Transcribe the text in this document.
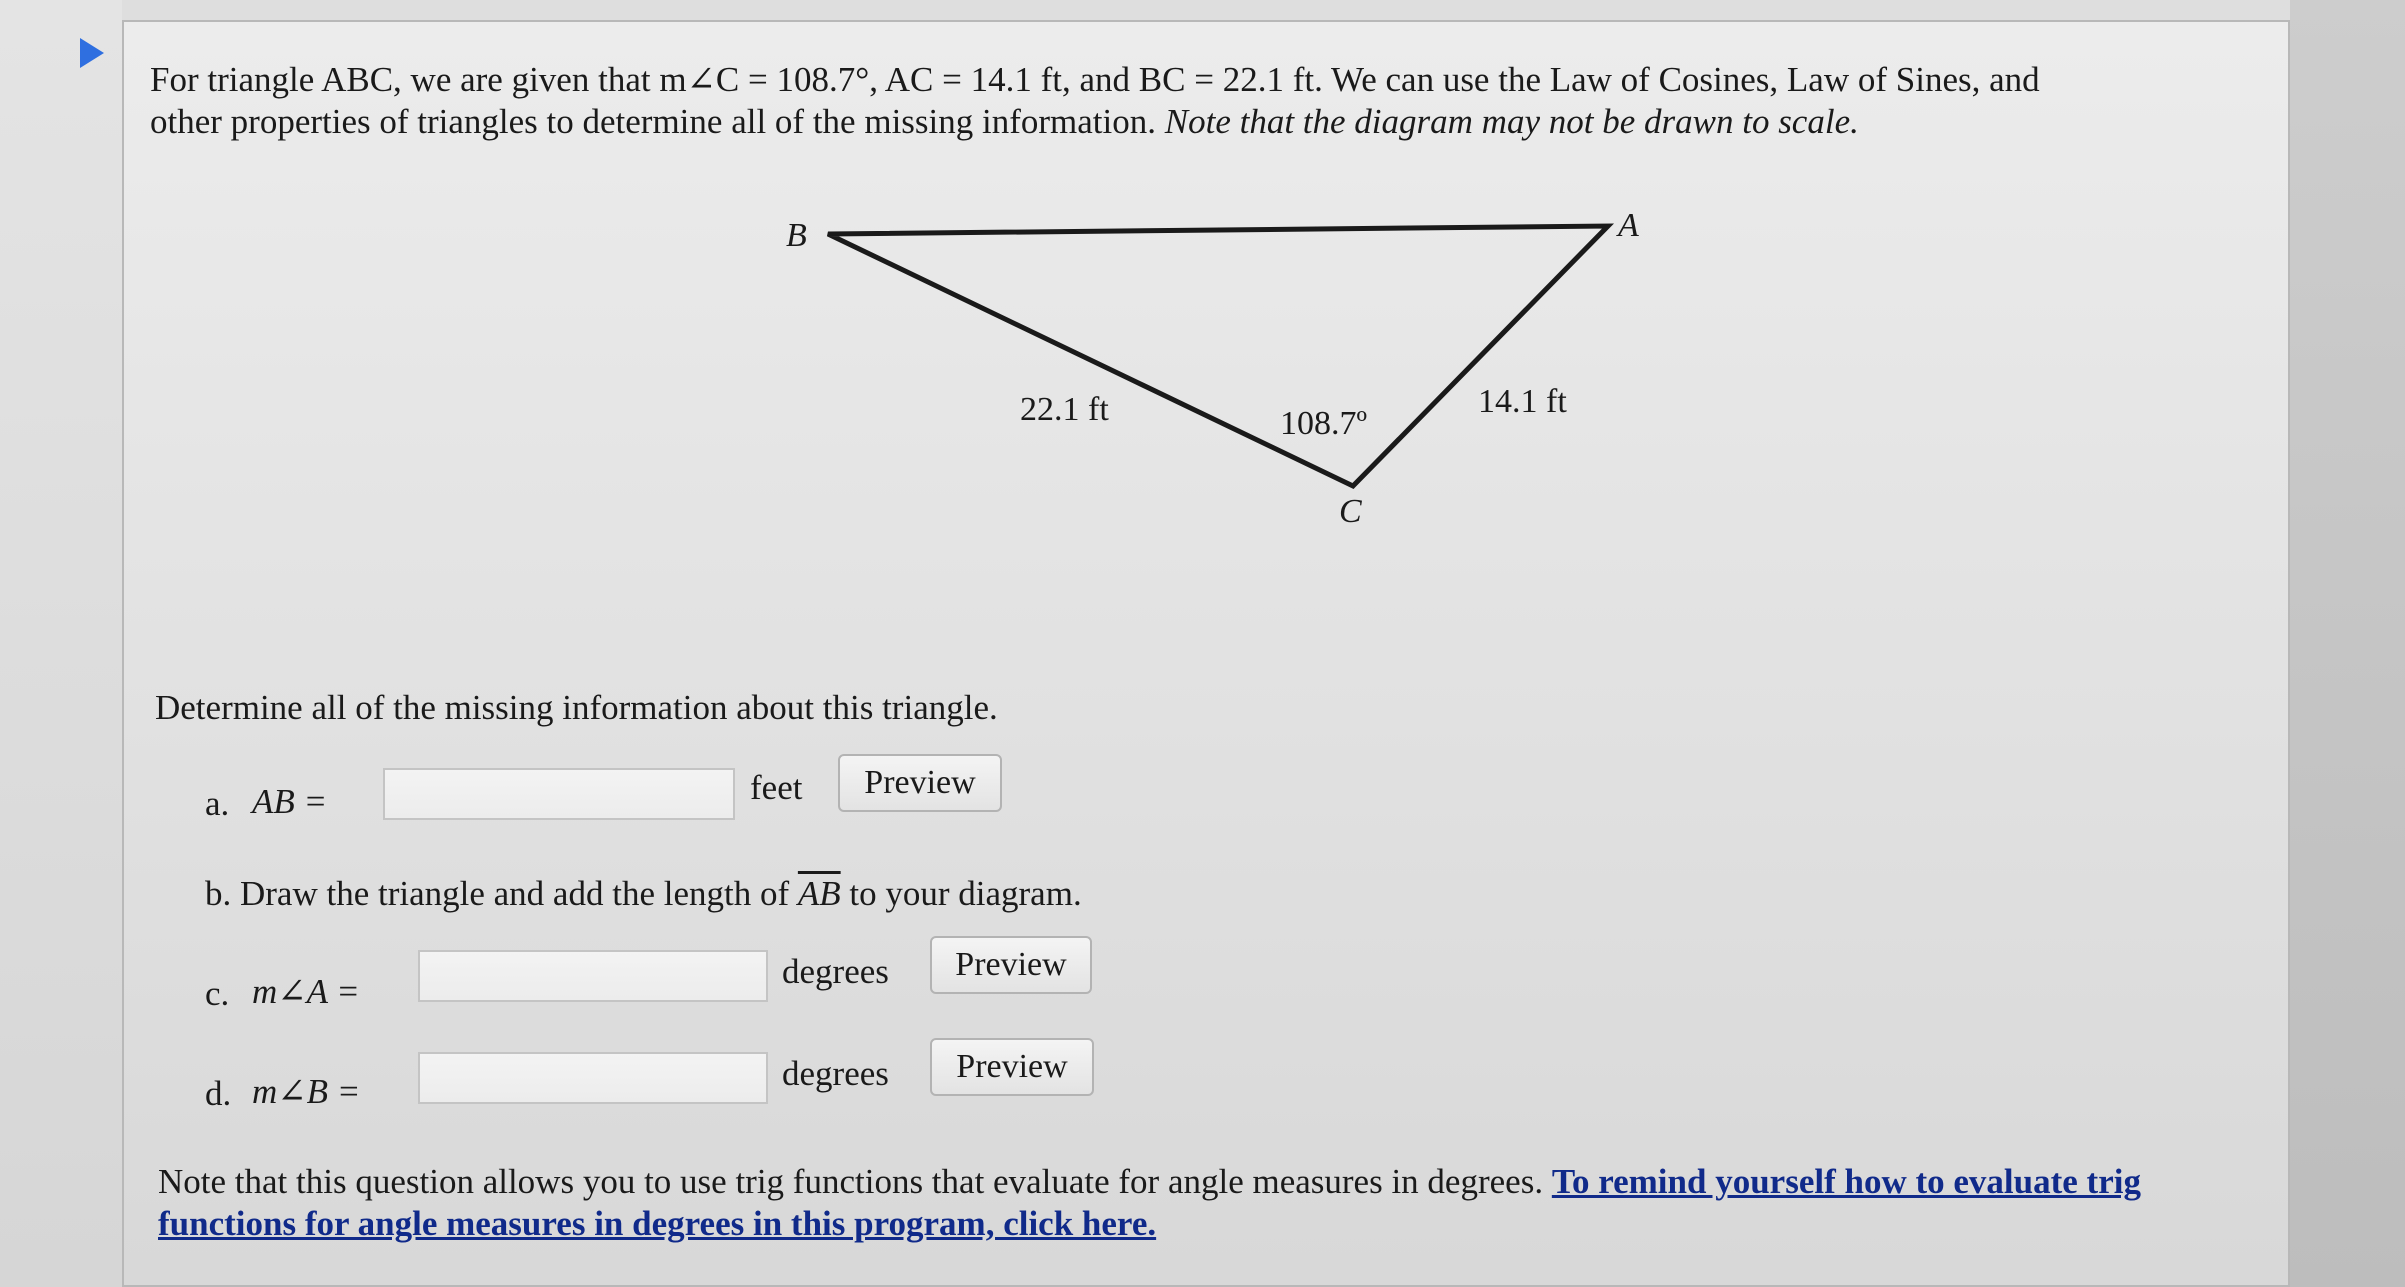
For triangle ABC, we are given that m∠C = 108.7°, AC = 14.1 ft, and BC = 22.1 ft. We can use the Law of Cosines, Law of Sines, and
other properties of triangles to determine all of the missing information. Note that the diagram may not be drawn to scale.
B	A
C
22.1 ft	14.1 ft
108.7º
Determine all of the missing information about this triangle.
a. AB =	feet	Preview
b. Draw the triangle and add the length of $\overline{AB}$ to your diagram.
c. m∠A =
degrees	Preview
d. m∠B =	degrees	Preview
Note that this question allows you to use trig functions that evaluate for angle measures in degrees. To remind yourself how to evaluate trig
functions for angle measures in degrees in this program, click here.
